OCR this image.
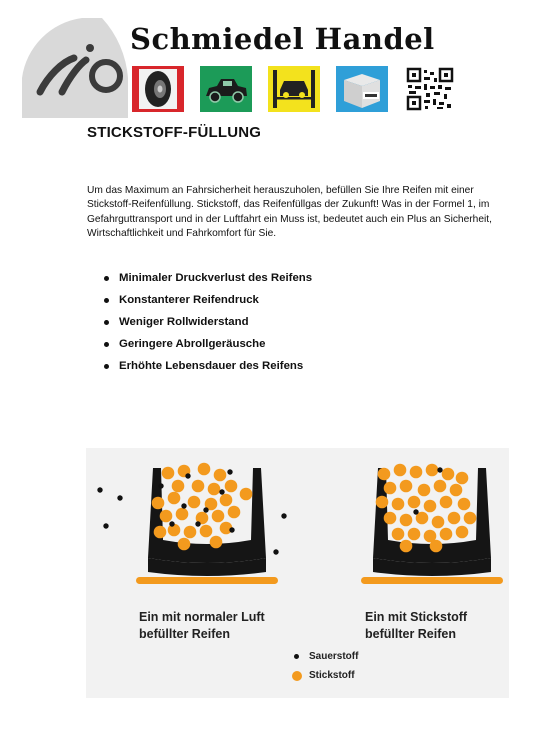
Schmiedel Handel
STICKSTOFF-FÜLLUNG

Um das Maximum an Fahrsicherheit herauszuholen, befüllen Sie Ihre Reifen mit einer Stickstoff-Reifenfüllung. Stickstoff, das Reifenfüllgas der Zukunft! Was in der Formel 1, im Gefahrguttransport und in der Luftfahrt ein Muss ist, bedeutet auch ein Plus an Sicherheit, Wirtschaftlichkeit und Fahrkomfort für Sie.

Minimaler Druckverlust des Reifens
Konstanterer Reifendruck
Weniger Rollwiderstand
Geringere Abrollgeräusche
Erhöhte Lebensdauer des Reifens
Ein mit normaler Luft
befüllter Reifen
Ein mit Stickstoff
befüllter Reifen
Sauerstoff
Stickstoff
